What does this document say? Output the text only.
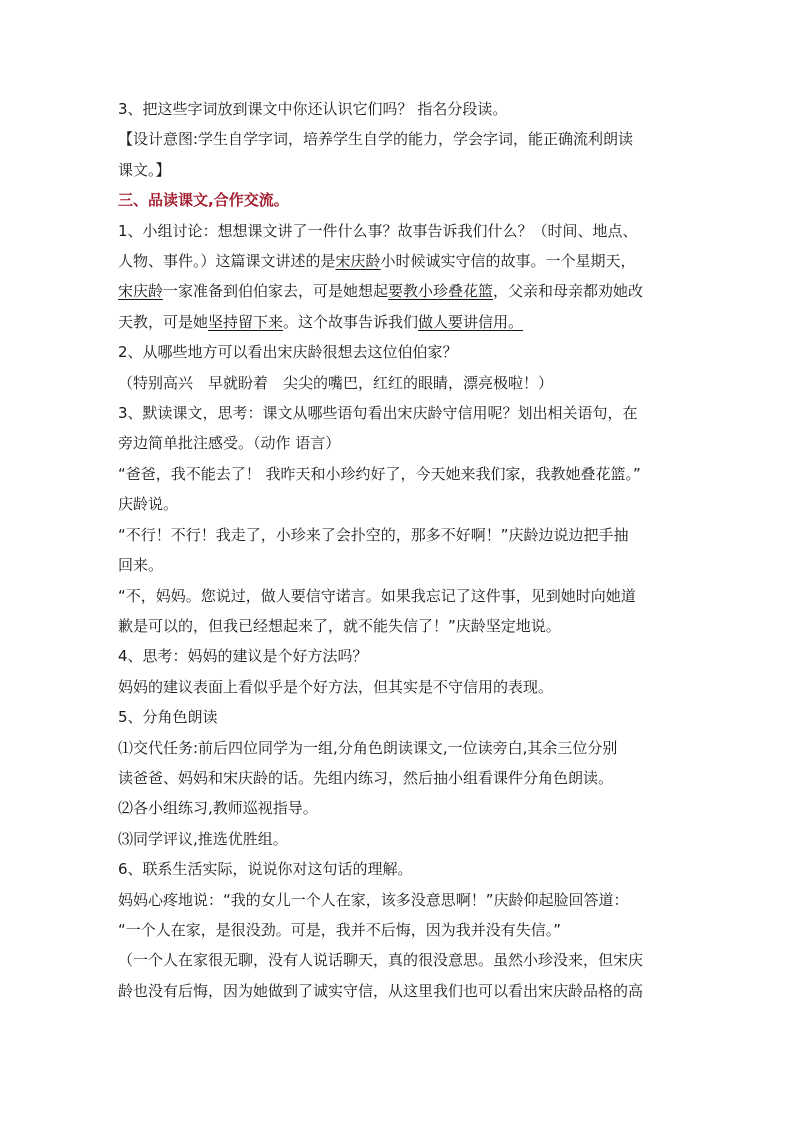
3、把这些字词放到课文中你还认识它们吗？ 指名分段读。

【设计意图:学生自学字词，培养学生自学的能力，学会字词，能正确流利朗读

课文。】

三、品读课文,合作交流。

1、小组讨论：想想课文讲了一件什么事？故事告诉我们什么？（时间、地点、

人物、事件。）这篇课文讲述的是宋庆龄小时候诚实守信的故事。一个星期天，

宋庆龄一家准备到伯伯家去，可是她想起要教小珍叠花篮，父亲和母亲都劝她改

天教，可是她坚持留下来。这个故事告诉我们做人要讲信用。

2、从哪些地方可以看出宋庆龄很想去这位伯伯家？

（特别高兴　早就盼着　尖尖的嘴巴，红红的眼睛，漂亮极啦！）

3、默读课文，思考：课文从哪些语句看出宋庆龄守信用呢？划出相关语句，在

旁边简单批注感受。（动作 语言）

“爸爸，我不能去了！ 我昨天和小珍约好了，今天她来我们家，我教她叠花篮。”

庆龄说。

“不行！不行！我走了，小珍来了会扑空的，那多不好啊！”庆龄边说边把手抽

回来。

“不，妈妈。您说过，做人要信守诺言。如果我忘记了这件事，见到她时向她道

歉是可以的，但我已经想起来了，就不能失信了！”庆龄坚定地说。

4、思考：妈妈的建议是个好方法吗？

妈妈的建议表面上看似乎是个好方法，但其实是不守信用的表现。

5、分角色朗读

⑴交代任务:前后四位同学为一组,分角色朗读课文,一位读旁白,其余三位分别

读爸爸、妈妈和宋庆龄的话。先组内练习，然后抽小组看课件分角色朗读。

⑵各小组练习,教师巡视指导。

⑶同学评议,推选优胜组。

6、联系生活实际，说说你对这句话的理解。

妈妈心疼地说：“我的女儿一个人在家，该多没意思啊！”庆龄仰起脸回答道：

“一个人在家，是很没劲。可是，我并不后悔，因为我并没有失信。”

（一个人在家很无聊，没有人说话聊天，真的很没意思。虽然小珍没来，但宋庆

龄也没有后悔，因为她做到了诚实守信，从这里我们也可以看出宋庆龄品格的高
